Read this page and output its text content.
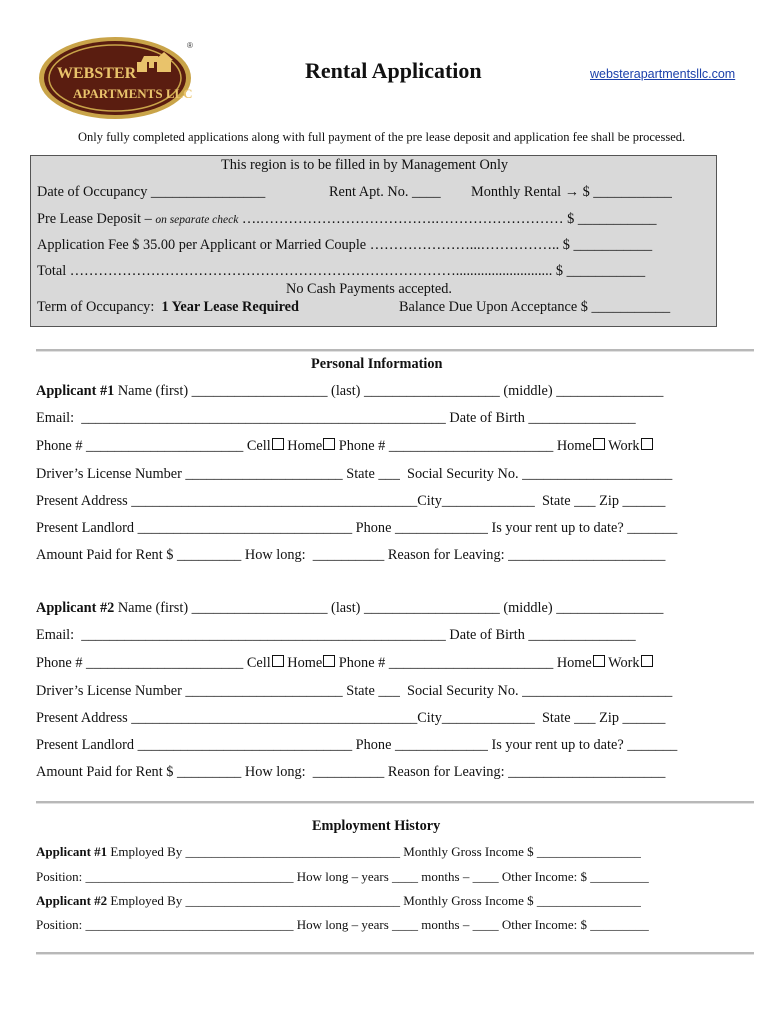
®
WEBSTER
APARTMENTS LLC
Rental Application	websterapartmentsllc.com
Only fully completed applications along with full payment of the pre lease deposit and application fee shall be processed.
This region is to be filled in by Management Only
Date of Occupancy ________________	Rent Apt. No. ____ Monthly Rental → $ ___________
Pre Lease Deposit – on separate check ….……………………………….……………………… $ ___________
Application Fee $ 35.00 per Applicant or Married Couple …………………...…………….. $ ___________
Total ………………………………………………………………………........................... $ ___________
No Cash Payments accepted.
Term of Occupancy:  1 Year Lease Required	Balance Due Upon Acceptance $ ___________
Personal Information
Applicant #1 Name (first) ___________________ (last) ___________________ (middle) _______________
Email:  ___________________________________________________ Date of Birth _______________
Phone # ______________________ Cell Home Phone # _______________________ Home Work
Driver’s License Number ______________________ State ___  Social Security No. _____________________
Present Address ________________________________________City_____________  State ___ Zip ______
Present Landlord ______________________________ Phone _____________ Is your rent up to date? _______
Amount Paid for Rent $ _________ How long:  __________ Reason for Leaving: ______________________
Applicant #2 Name (first) ___________________ (last) ___________________ (middle) _______________
Email:  ___________________________________________________ Date of Birth _______________
Phone # ______________________ Cell Home Phone # _______________________ Home Work
Driver’s License Number ______________________ State ___  Social Security No. _____________________
Present Address ________________________________________City_____________  State ___ Zip ______
Present Landlord ______________________________ Phone _____________ Is your rent up to date? _______
Amount Paid for Rent $ _________ How long:  __________ Reason for Leaving: ______________________
Employment History
Applicant #1 Employed By _________________________________ Monthly Gross Income $ ________________
Position: ________________________________ How long – years ____ months – ____ Other Income: $ _________
Applicant #2 Employed By _________________________________ Monthly Gross Income $ ________________
Position: ________________________________ How long – years ____ months – ____ Other Income: $ _________
